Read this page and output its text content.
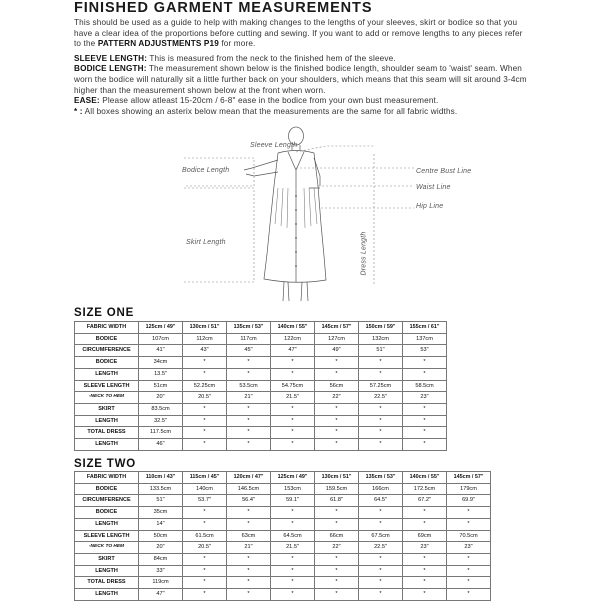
FINISHED GARMENT MEASUREMENTS

This should be used as a guide to help with making changes to the lengths of your sleeves, skirt or bodice so that you have a clear idea of the proportions before cutting and sewing. If you want to add or remove lengths to any pieces refer to the PATTERN ADJUSTMENTS P19 for more.

SLEEVE LENGTH: This is measured from the neck to the finished hem of the sleeve.
BODICE LENGTH: The measurement shown below is the finished bodice length, shoulder seam to 'waist' seam. When worn the bodice will naturally sit a little further back on your shoulders, which means that this seam will sit around 3-4cm higher than the measurement shown below at the front when worn.
EASE: Please allow atleast 15-20cm / 6-8" ease in the bodice from your own bust measurement.
* : All boxes showing an asterix below mean that the measurements are the same for all fabric widths.
Sleeve Length
Bodice Length	Centre Bust Line
Waist Line
Hip Line
Skirt Length	Dress Length
SIZE ONE
FABRIC WIDTH	125cm / 49"	130cm / 51"	135cm / 53"	140cm / 55"	145cm / 57"	150cm / 59"	155cm / 61"
BODICE	107cm	112cm	117cm	122cm	127cm	132cm	137cm
CIRCUMFERENCE	41"	43"	45"	47"	49"	51"	53"
BODICE	34cm	*	*	*	*	*	*
LENGTH	13.5"	*	*	*	*	*	*
SLEEVE LENGTH	51cm	52.25cm	53.5cm	54.75cm	56cm	57.25cm	58.5cm
-NECK TO HEM	20"	20.5"	21"	21.5"	22"	22.5"	23"
SKIRT	83.5cm	*	*	*	*	*	*
LENGTH	32.5"	*	*	*	*	*	*
TOTAL DRESS	117.5cm	*	*	*	*	*	*
LENGTH	46"	*	*	*	*	*	*
SIZE TWO
FABRIC WIDTH	110cm / 43"	115cm / 45"	120cm / 47"	125cm / 49"	130cm / 51"	135cm / 53"	140cm / 55"	145cm / 57"
BODICE	133.5cm	140cm	146.5cm	153cm	159.5cm	166cm	172.5cm	179cm
CIRCUMFERENCE	51"	53.7"	56.4"	59.1"	61.8"	64.5"	67.2"	69.9"
BODICE	35cm	*	*	*	*	*	*	*
LENGTH	14"	*	*	*	*	*	*	*
SLEEVE LENGTH	50cm	61.5cm	63cm	64.5cm	66cm	67.5cm	69cm	70.5cm
-NECK TO HEM	20"	20.5"	21"	21.5"	22"	22.5"	23"	23"
SKIRT	84cm	*	*	*	*	*	*	*
LENGTH	33"	*	*	*	*	*	*	*
TOTAL DRESS	119cm	*	*	*	*	*	*	*
LENGTH	47"	*	*	*	*	*	*	*
